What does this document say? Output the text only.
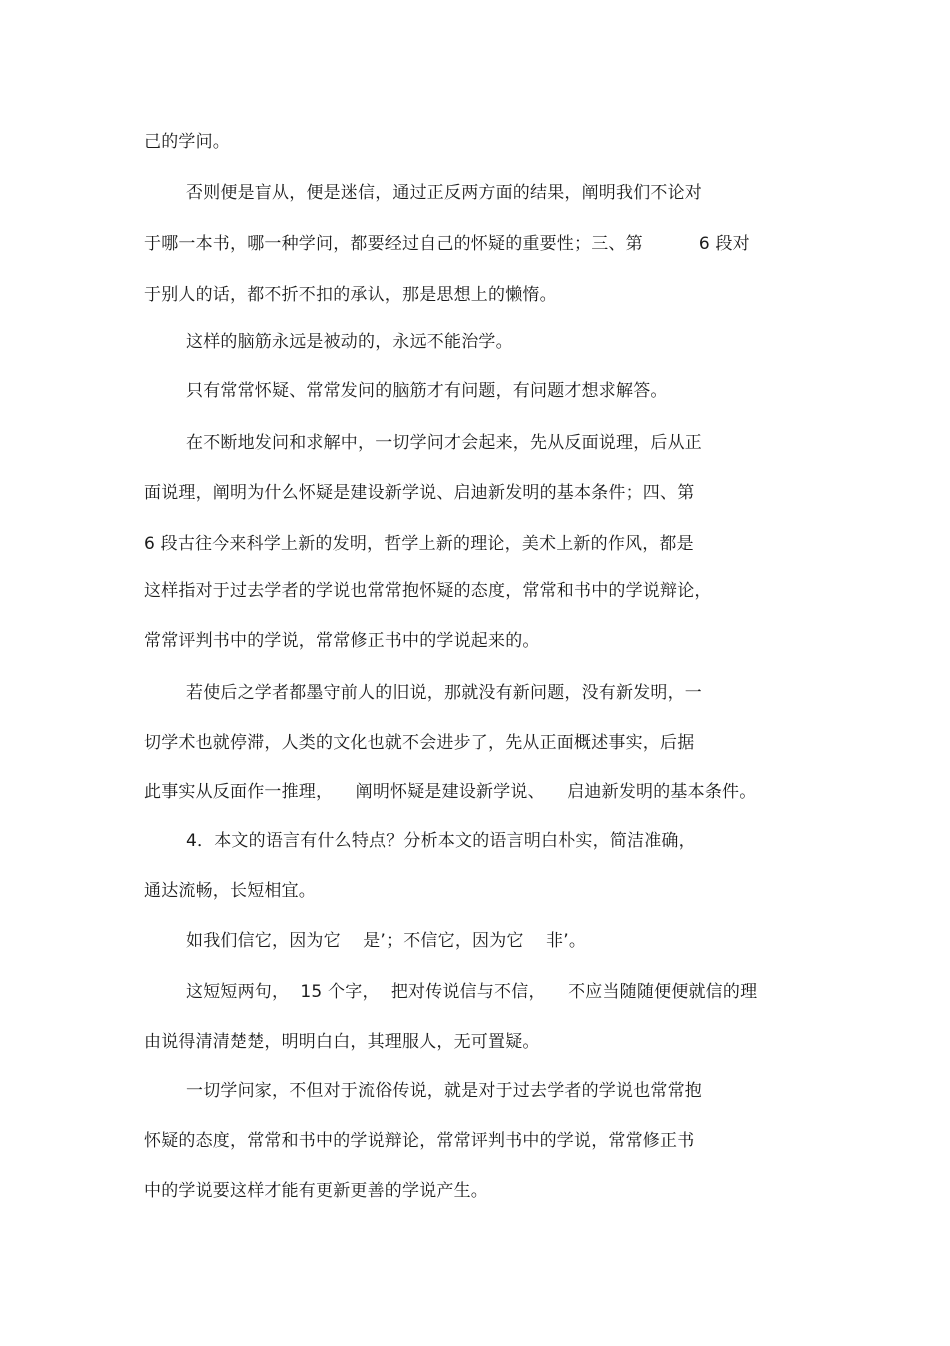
己的学问。
否则便是盲从，便是迷信，通过正反两方面的结果，阐明我们不论对
于哪一本书，哪一种学问，都要经过自己的怀疑的重要性；三、第          6 段对
于别人的话，都不折不扣的承认，那是思想上的懒惰。
这样的脑筋永远是被动的，永远不能治学。
只有常常怀疑、常常发问的脑筋才有问题，有问题才想求解答。
在不断地发问和求解中，一切学问才会起来，先从反面说理，后从正
面说理，阐明为什么怀疑是建设新学说、启迪新发明的基本条件；四、第
6 段古往今来科学上新的发明，哲学上新的理论，美术上新的作风，都是
这样指对于过去学者的学说也常常抱怀疑的态度，常常和书中的学说辩论，
常常评判书中的学说，常常修正书中的学说起来的。
若使后之学者都墨守前人的旧说，那就没有新问题，没有新发明，一
切学术也就停滞，人类的文化也就不会进步了，先从正面概述事实，后据
此事实从反面作一推理，    阐明怀疑是建设新学说、    启迪新发明的基本条件。
4．本文的语言有什么特点？分析本文的语言明白朴实，简洁准确，
通达流畅，长短相宜。
如我们信它，因为它    是’；不信它，因为它    非’。
这短短两句，  15 个字，  把对传说信与不信，    不应当随随便便就信的理
由说得清清楚楚，明明白白，其理服人，无可置疑。
一切学问家，不但对于流俗传说，就是对于过去学者的学说也常常抱
怀疑的态度，常常和书中的学说辩论，常常评判书中的学说，常常修正书
中的学说要这样才能有更新更善的学说产生。
